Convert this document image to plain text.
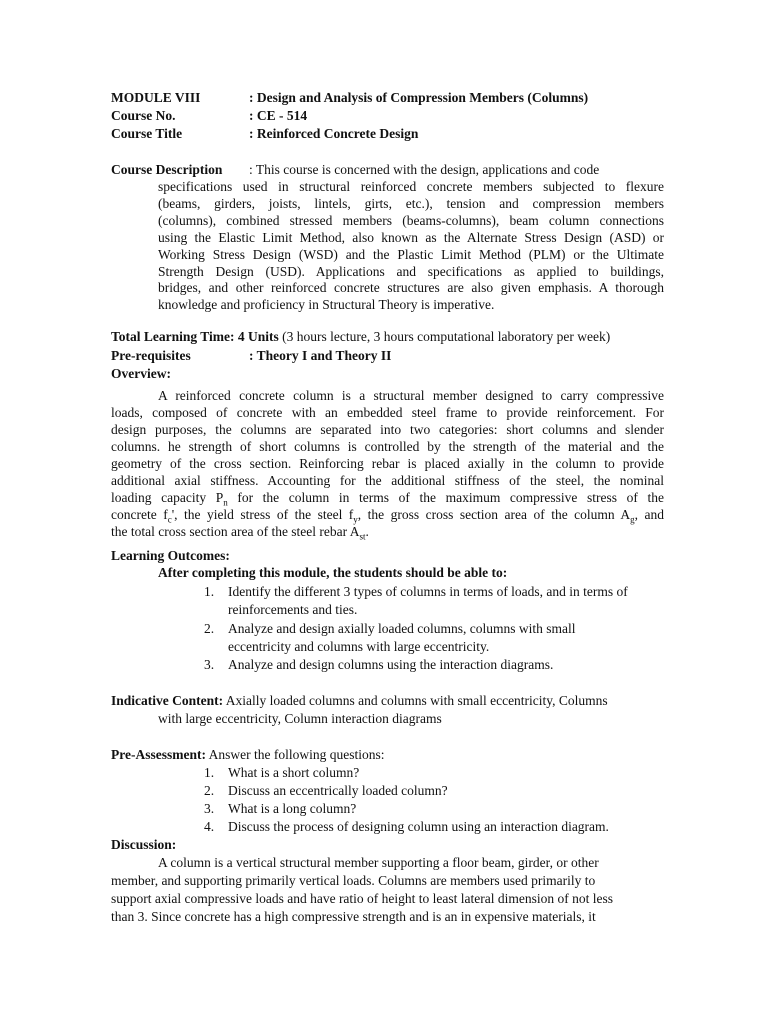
MODULE VIII	: Design and Analysis of Compression Members (Columns)
Course No.	: CE - 514
Course Title	: Reinforced Concrete Design
Course Description : This course is concerned with the design, applications and code
specifications used in structural reinforced concrete members subjected to flexure
(beams, girders, joists, lintels, girts, etc.), tension and compression members
(columns), combined stressed members (beams-columns), beam column connections
using the Elastic Limit Method, also known as the Alternate Stress Design (ASD) or
Working Stress Design (WSD) and the Plastic Limit Method (PLM) or the Ultimate
Strength Design (USD). Applications and specifications as applied to buildings,
bridges, and other reinforced concrete structures are also given emphasis. A thorough
knowledge and proficiency in Structural Theory is imperative.
Total Learning Time: 4 Units (3 hours lecture, 3 hours computational laboratory per week)
Pre-requisites	: Theory I and Theory II
Overview:
A reinforced concrete column is a structural member designed to carry compressive
loads, composed of concrete with an embedded steel frame to provide reinforcement. For
design purposes, the columns are separated into two categories: short columns and slender
columns. he strength of short columns is controlled by the strength of the material and the
geometry of the cross section. Reinforcing rebar is placed axially in the column to provide
additional axial stiffness. Accounting for the additional stiffness of the steel, the nominal
loading capacity $P_n$ for the column in terms of the maximum compressive stress of the
concrete $f_c'$, the yield stress of the steel $f_y$, the gross cross section area of the column $A_g$, and
the total cross section area of the steel rebar $A_{st}$.
Learning Outcomes:
After completing this module, the students should be able to:
1. Identify the different 3 types of columns in terms of loads, and in terms of
reinforcements and ties.
2. Analyze and design axially loaded columns, columns with small
eccentricity and columns with large eccentricity.
3. Analyze and design columns using the interaction diagrams.
Indicative Content: Axially loaded columns and columns with small eccentricity, Columns
with large eccentricity, Column interaction diagrams
Pre-Assessment: Answer the following questions:
1. What is a short column?
2. Discuss an eccentrically loaded column?
3. What is a long column?
4. Discuss the process of designing column using an interaction diagram.
Discussion:
A column is a vertical structural member supporting a floor beam, girder, or other
member, and supporting primarily vertical loads. Columns are members used primarily to
support axial compressive loads and have ratio of height to least lateral dimension of not less
than 3. Since concrete has a high compressive strength and is an in expensive materials, it
